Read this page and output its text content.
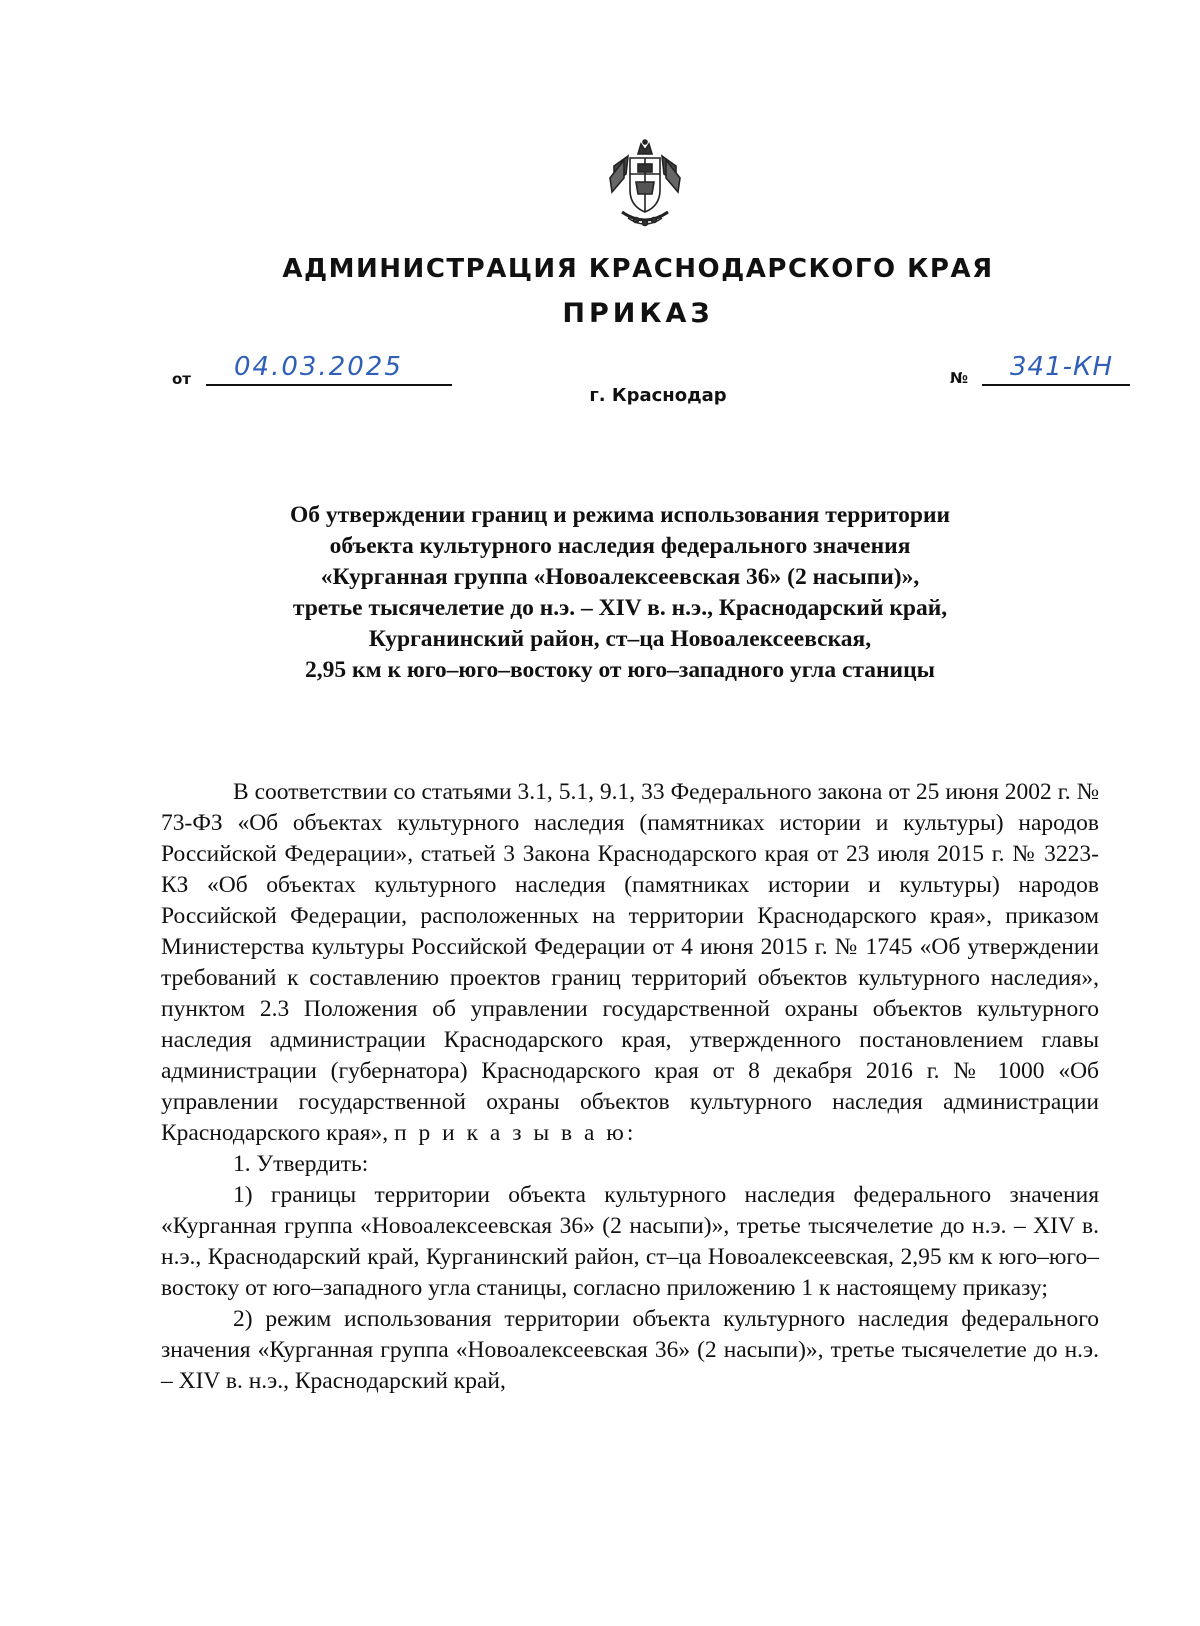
АДМИНИСТРАЦИЯ КРАСНОДАРСКОГО КРАЯ
ПРИКАЗ
от 04.03.2025	№ 341-КН
г. Краснодар
Об утверждении границ и режима использования территории
объекта культурного наследия федерального значения
«Курганная группа «Новоалексеевская 36» (2 насыпи)»,
третье тысячелетие до н.э. – XIV в. н.э., Краснодарский край,
Курганинский район, ст–ца Новоалексеевская,
2,95 км к юго–юго–востоку от юго–западного угла станицы

В соответствии со статьями 3.1, 5.1, 9.1, 33 Федерального закона от 25 июня 2002 г. № 73-ФЗ «Об объектах культурного наследия (памятниках истории и культуры) народов Российской Федерации», статьей 3 Закона Краснодарского края от 23 июля 2015 г. № 3223-КЗ «Об объектах культурного наследия (памятниках истории и культуры) народов Российской Федерации, расположенных на территории Краснодарского края», приказом Министерства культуры Российской Федерации от 4 июня 2015 г. № 1745 «Об утверждении требований к составлению проектов границ территорий объектов культурного наследия», пунктом 2.3 Положения об управлении государственной охраны объектов культурного наследия администрации Краснодарского края, утвержденного постановлением главы администрации (губернатора) Краснодарского края от 8 декабря 2016 г. № 1000 «Об управлении государственной охраны объектов культурного наследия администрации Краснодарского края», п р и к а з ы в а ю:

1. Утвердить:

1) границы территории объекта культурного наследия федерального значения «Курганная группа «Новоалексеевская 36» (2 насыпи)», третье тысячелетие до н.э. – XIV в. н.э., Краснодарский край, Курганинский район, ст–ца Новоалексеевская, 2,95 км к юго–юго–востоку от юго–западного угла станицы, согласно приложению 1 к настоящему приказу;

2) режим использования территории объекта культурного наследия федерального значения «Курганная группа «Новоалексеевская 36» (2 насыпи)», третье тысячелетие до н.э. – XIV в. н.э., Краснодарский край,
